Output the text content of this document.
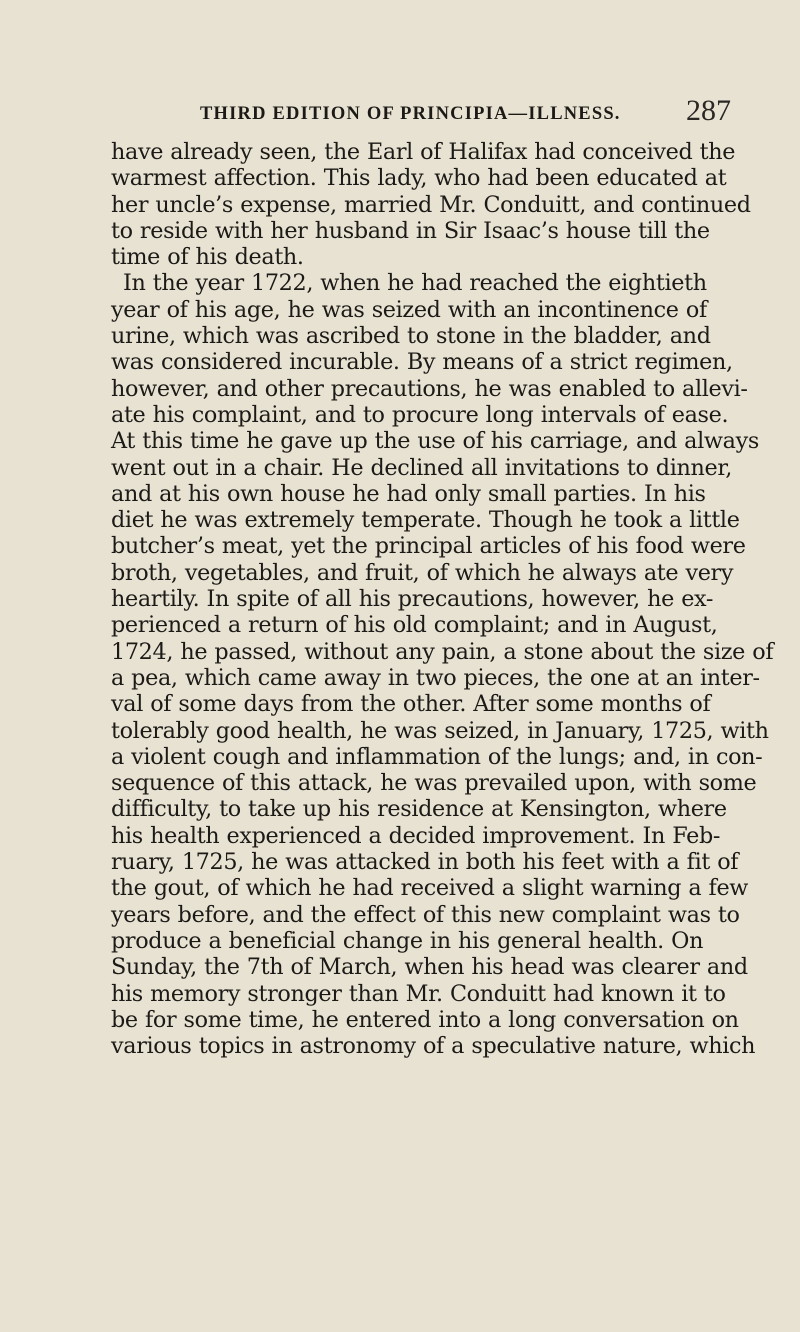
THIRD EDITION OF PRINCIPIA—ILLNESS. 287
have already seen, the Earl of Halifax had conceived the
warmest affection. This lady, who had been educated at
her uncle’s expense, married Mr. Conduitt, and continued
to reside with her husband in Sir Isaac’s house till the
time of his death.
In the year 1722, when he had reached the eightieth
year of his age, he was seized with an incontinence of
urine, which was ascribed to stone in the bladder, and
was considered incurable. By means of a strict regimen,
however, and other precautions, he was enabled to allevi-
ate his complaint, and to procure long intervals of ease.
At this time he gave up the use of his carriage, and always
went out in a chair. He declined all invitations to dinner,
and at his own house he had only small parties. In his
diet he was extremely temperate. Though he took a little
butcher’s meat, yet the principal articles of his food were
broth, vegetables, and fruit, of which he always ate very
heartily. In spite of all his precautions, however, he ex-
perienced a return of his old complaint; and in August,
1724, he passed, without any pain, a stone about the size of
a pea, which came away in two pieces, the one at an inter-
val of some days from the other. After some months of
tolerably good health, he was seized, in January, 1725, with
a violent cough and inflammation of the lungs; and, in con-
sequence of this attack, he was prevailed upon, with some
difficulty, to take up his residence at Kensington, where
his health experienced a decided improvement. In Feb-
ruary, 1725, he was attacked in both his feet with a fit of
the gout, of which he had received a slight warning a few
years before, and the effect of this new complaint was to
produce a beneficial change in his general health. On
Sunday, the 7th of March, when his head was clearer and
his memory stronger than Mr. Conduitt had known it to
be for some time, he entered into a long conversation on
various topics in astronomy of a speculative nature, which
